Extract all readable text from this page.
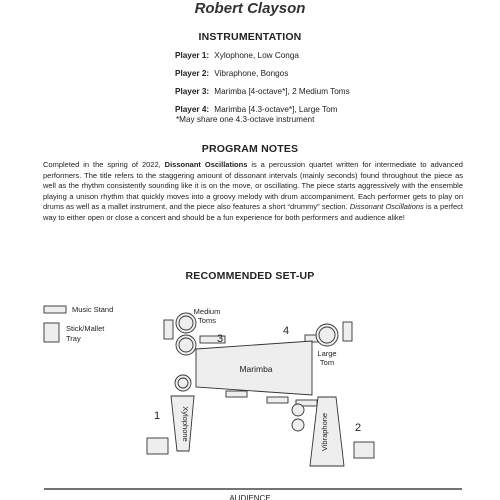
Robert Clayson
INSTRUMENTATION
Player 1: Xylophone, Low Conga
Player 2: Vibraphone, Bongos
Player 3: Marimba [4-octave*], 2 Medium Toms
Player 4: Marimba [4.3-octave*], Large Tom
*May share one 4.3-octave instrument
PROGRAM NOTES
Completed in the spring of 2022, Dissonant Oscillations is a percussion quartet written for intermediate to advanced performers. The title refers to the staggering amount of dissonant intervals (mainly seconds) found throughout the piece as well as the rhythm consistently sounding like it is on the move, or oscillating. The piece starts aggressively with the ensemble playing a unison rhythm that quickly moves into a groovy melody with drum accompaniment. Each performer gets to play on drums as well as a mallet instrument, and the piece also features a short “drummy” section. Dissonant Oscillations is a perfect way to either open or close a concert and should be a fun experience for both performers and audience alike!
RECOMMENDED SET-UP
Music Stand
Stick/Mallet
Tray
Medium
Toms
Large
Tom
Marimba
Xylophone	Vibraphone
1
2
3
4
AUDIENCE
